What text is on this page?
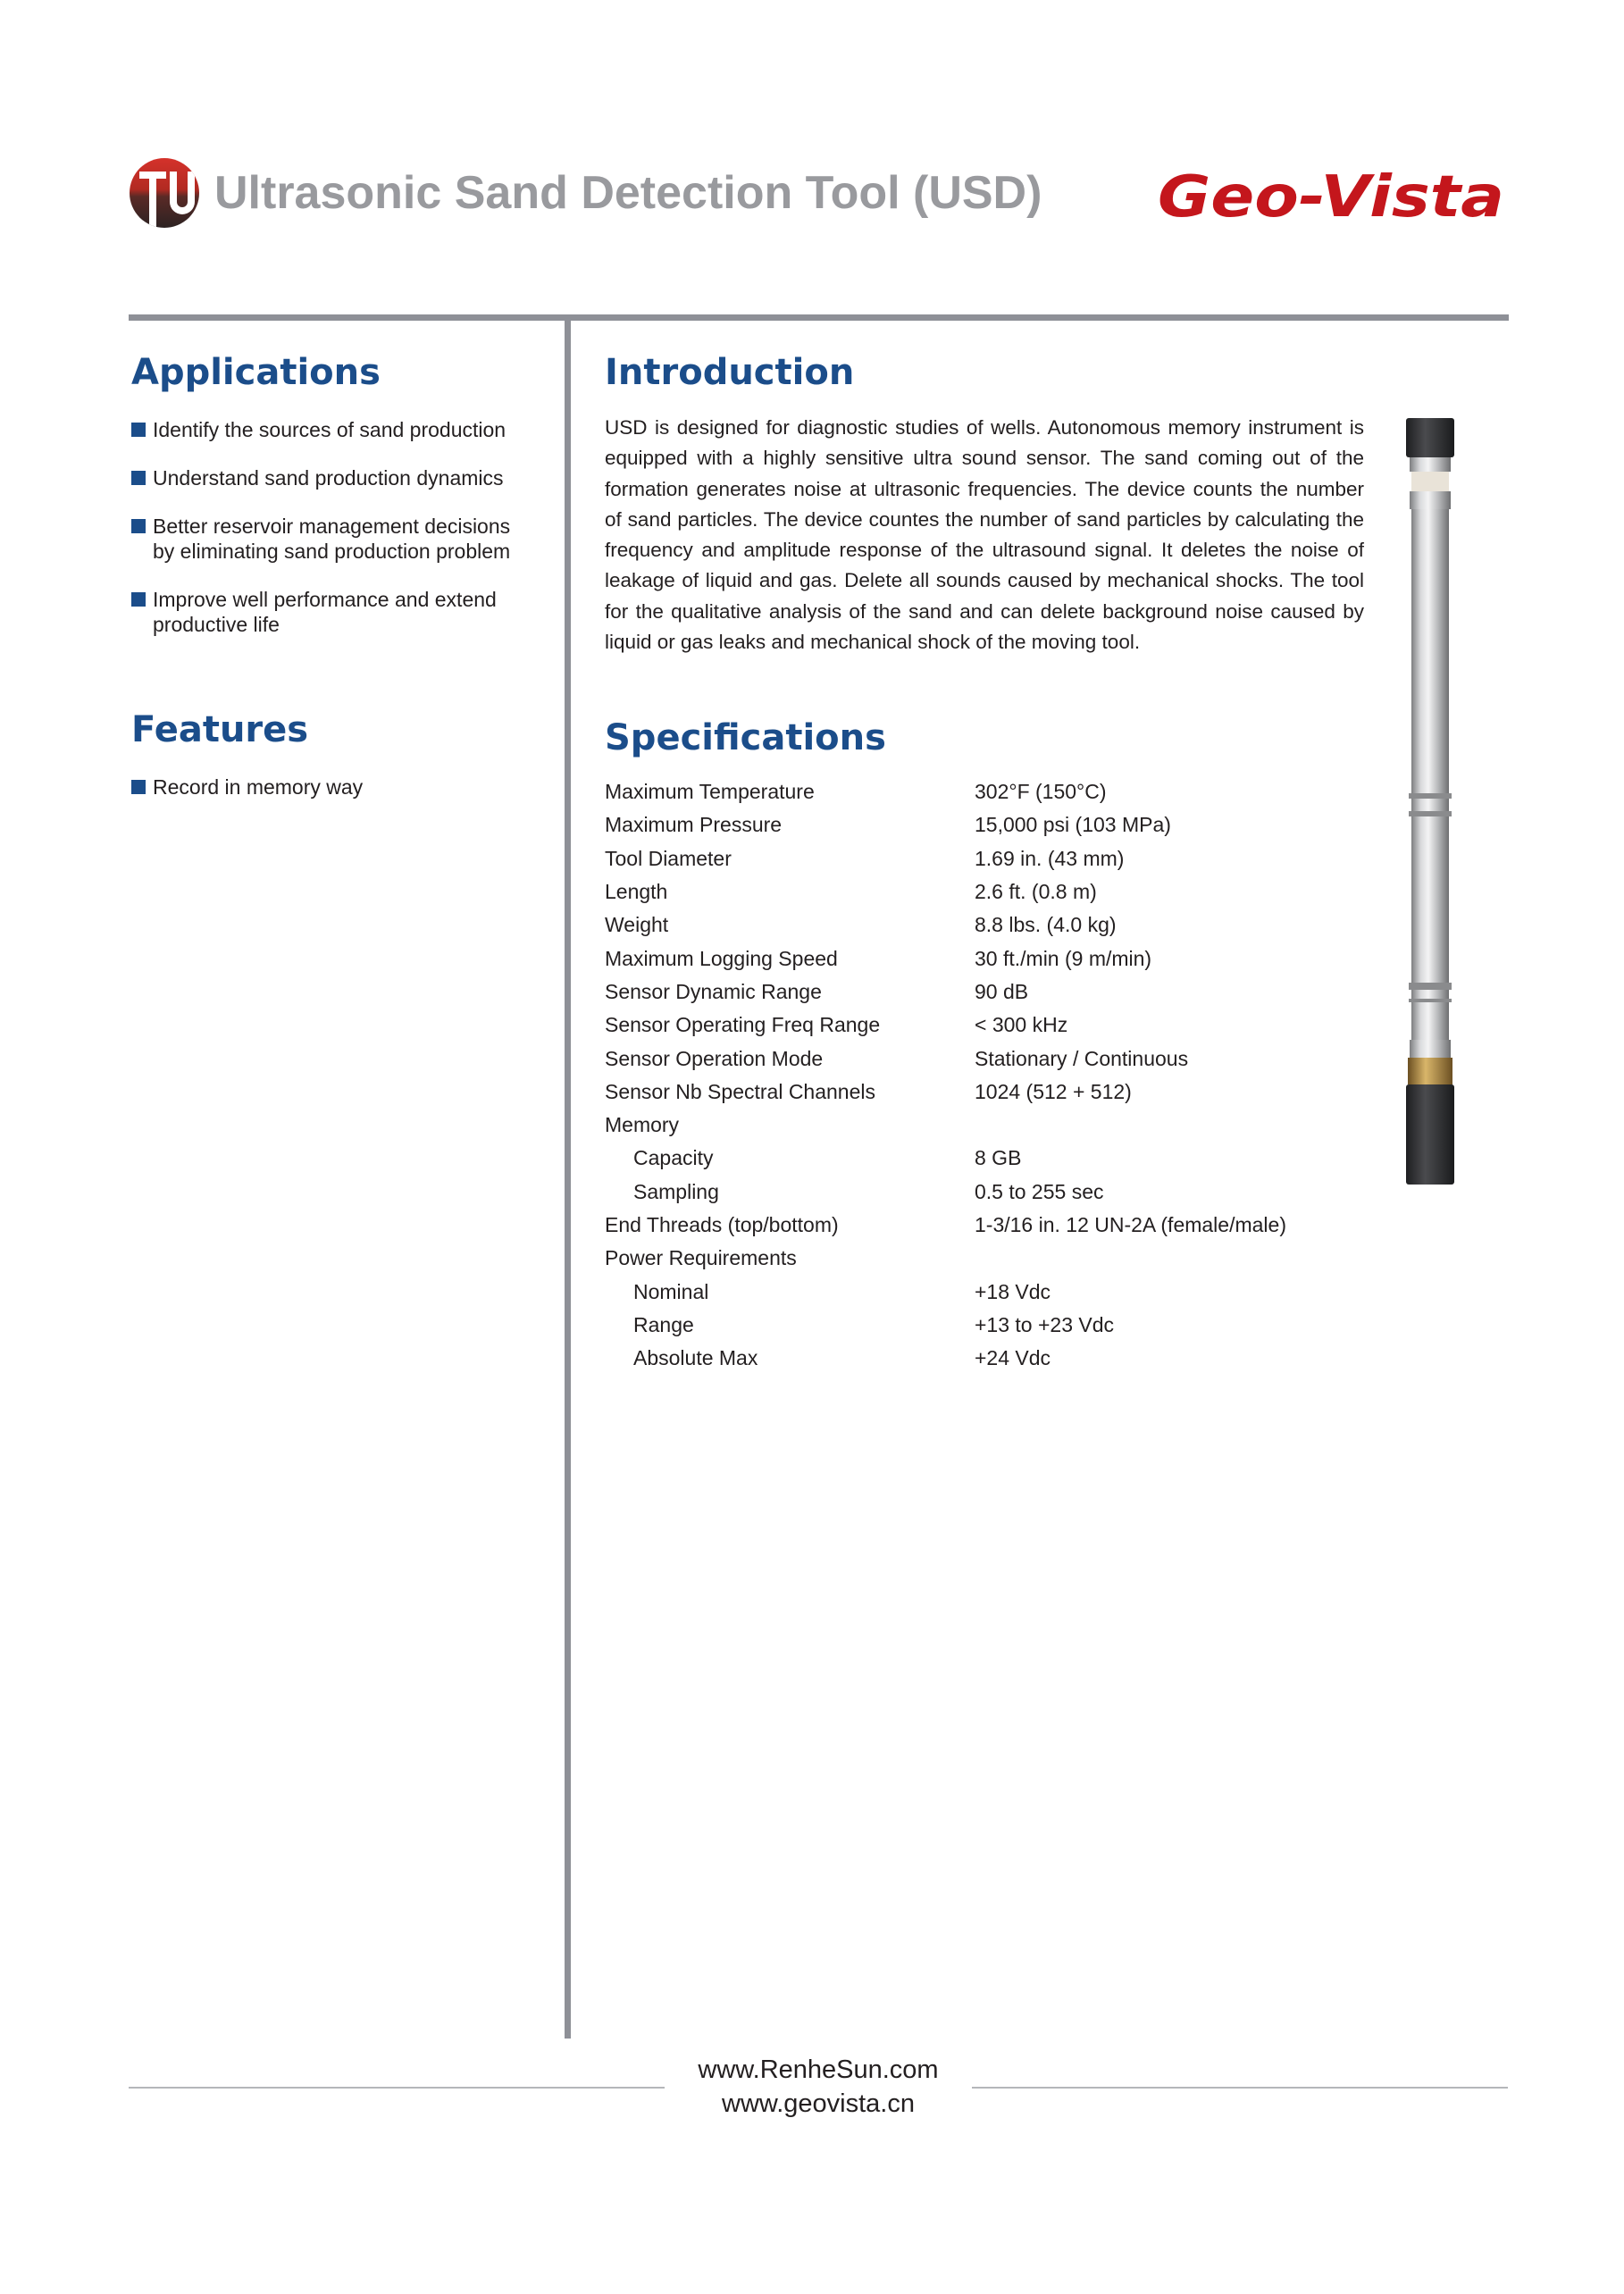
Ultrasonic Sand Detection Tool (USD) Geo-Vista
Applications
Identify the sources of sand production
Understand sand production dynamics
Better reservoir management decisions by eliminating sand production problem
Improve well performance and extend productive life
Features
Record in memory way
Introduction

USD is designed for diagnostic studies of wells. Autonomous memory instrument is equipped with a highly sensitive ultra sound sensor. The sand coming out of the formation generates noise at ultrasonic frequencies. The device counts the number of sand particles. The device countes the number of sand particles by calculating the frequency and amplitude response of the ultrasound signal. It deletes the noise of leakage of liquid and gas. Delete all sounds caused by mechanical shocks. The tool for the qualitative analysis of the sand and can delete background noise caused by liquid or gas leaks and mechanical shock of the moving tool.

Specifications
Maximum Temperature	302°F (150°C)
Maximum Pressure	15,000 psi (103 MPa)
Tool Diameter	1.69 in. (43 mm)
Length	2.6 ft. (0.8 m)
Weight	8.8 lbs. (4.0 kg)
Maximum Logging Speed	30 ft./min (9 m/min)
Sensor Dynamic Range	90 dB
Sensor Operating Freq Range	< 300 kHz
Sensor Operation Mode	Stationary / Continuous
Sensor Nb Spectral Channels	1024 (512 + 512)
Memory	
Capacity	8 GB
Sampling	0.5 to 255 sec
End Threads (top/bottom)	1-3/16 in. 12 UN-2A (female/male)
Power Requirements	
Nominal	+18 Vdc
Range	+13 to +23 Vdc
Absolute Max	+24 Vdc
www.RenheSun.com
www.geovista.cn
